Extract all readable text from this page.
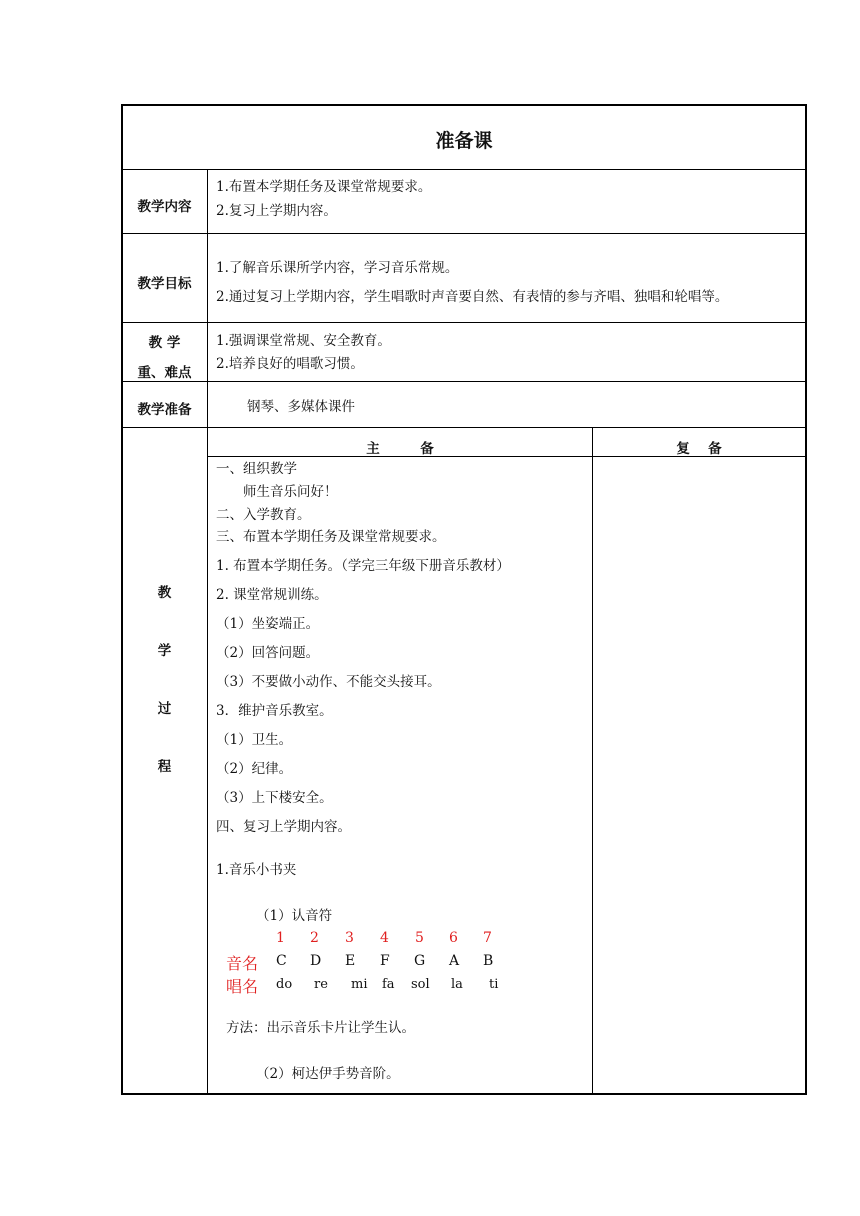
准备课
教学内容
1.布置本学期任务及课堂常规要求。
2.复习上学期内容。
教学目标
1.了解音乐课所学内容，学习音乐常规。
2.通过复习上学期内容，学生唱歌时声音要自然、有表情的参与齐唱、独唱和轮唱等。
教 学
重、难点
1.强调课堂常规、安全教育。
2.培养良好的唱歌习惯。
教学准备	钢琴、多媒体课件
主　　　备	复　 备
教
学
过
程
一、组织教学
　　师生音乐问好！
二、入学教育。
三、布置本学期任务及课堂常规要求。
1. 布置本学期任务。（学完三年级下册音乐教材）
2. 课堂常规训练。
（1）坐姿端正。
（2）回答问题。
（3）不要做小动作、不能交头接耳。
3．维护音乐教室。
（1）卫生。
（2）纪律。
（3）上下楼安全。
四、复习上学期内容。
1.音乐小书夹
（1）认音符
1 2 3 4 5 6 7
音名 C D E F G A B
唱名 do re mi fa sol la ti
方法：出示音乐卡片让学生认。
（2）柯达伊手势音阶。
